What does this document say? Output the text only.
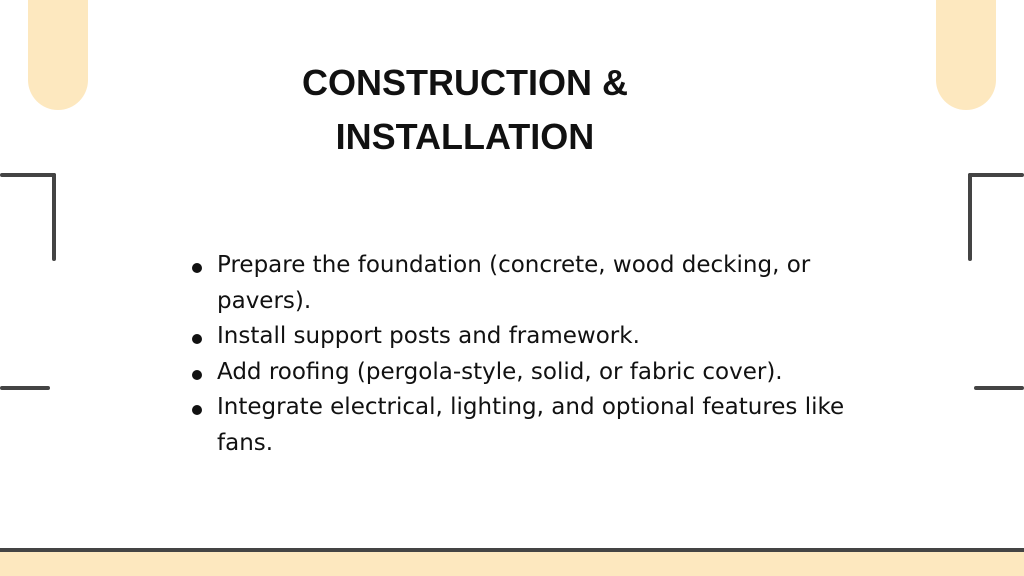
CONSTRUCTION & INSTALLATION
Prepare the foundation (concrete, wood decking, or pavers).
Install support posts and framework.
Add roofing (pergola-style, solid, or fabric cover).
Integrate electrical, lighting, and optional features like fans.
